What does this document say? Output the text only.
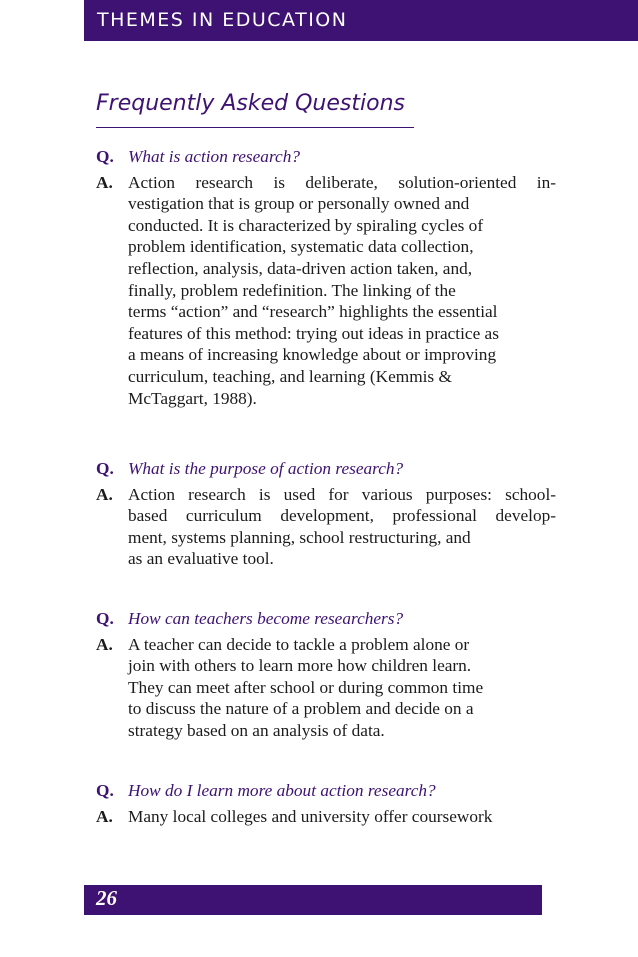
THEMES IN EDUCATION
Frequently Asked Questions
Q. What is action research?
A. Action research is deliberate, solution-oriented in-
vestigation that is group or personally owned and
conducted. It is characterized by spiraling cycles of
problem identification, systematic data collection,
reflection, analysis, data-driven action taken, and,
finally, problem redefinition. The linking of the
terms “action” and “research” highlights the essential
features of this method: trying out ideas in practice as
a means of increasing knowledge about or improving
curriculum, teaching, and learning (Kemmis &
McTaggart, 1988).
Q. What is the purpose of action research?
A. Action research is used for various purposes: school-
based curriculum development, professional develop-
ment, systems planning, school restructuring, and
as an evaluative tool.
Q. How can teachers become researchers?
A. A teacher can decide to tackle a problem alone or
join with others to learn more how children learn.
They can meet after school or during common time
to discuss the nature of a problem and decide on a
strategy based on an analysis of data.
Q. How do I learn more about action research?
A. Many local colleges and university offer coursework
26
